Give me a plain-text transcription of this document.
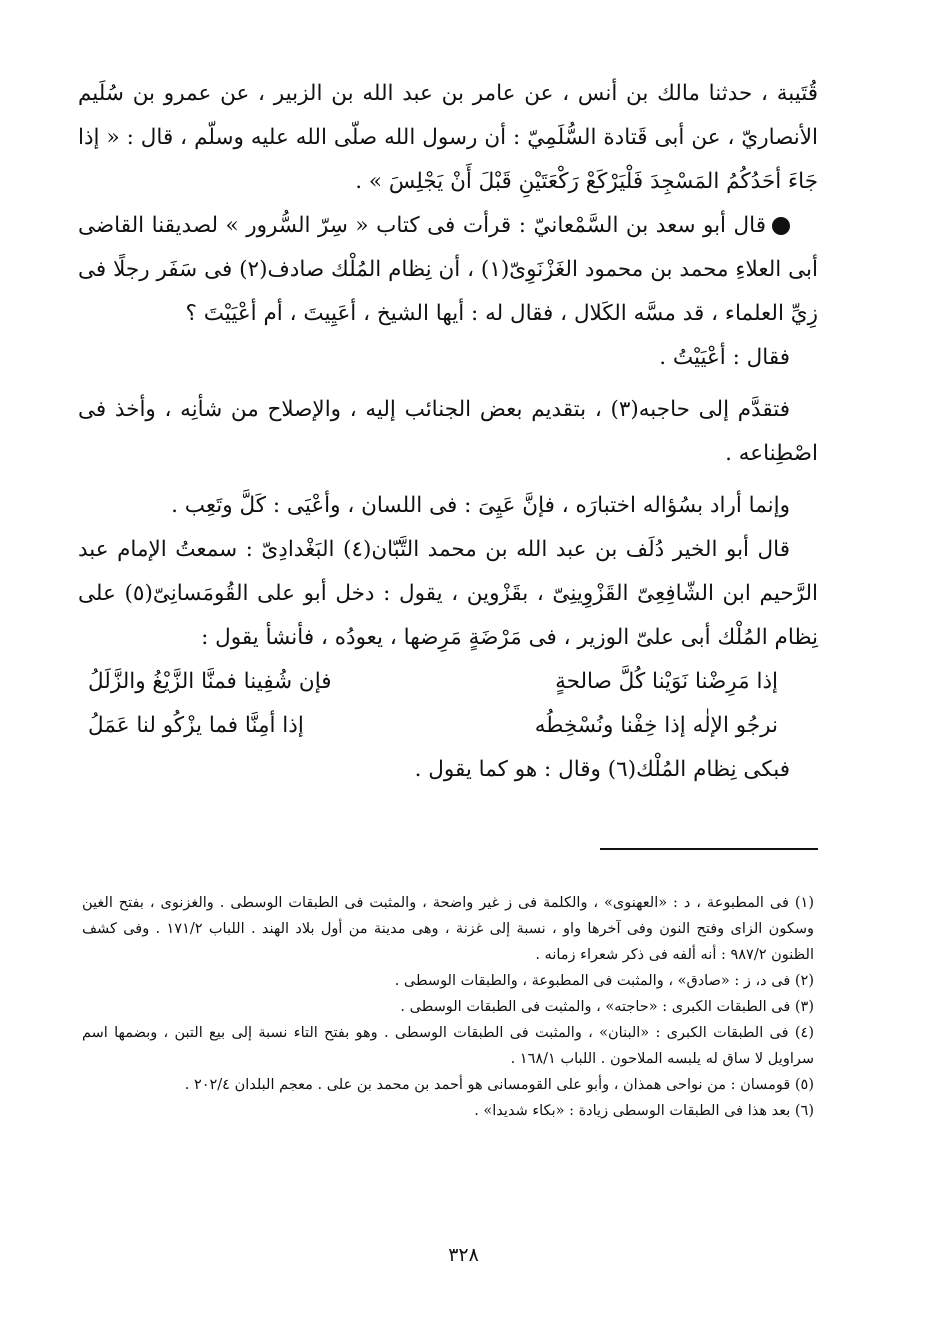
قُتَيبة ، حدثنا مالك بن أنس ، عن عامر بن عبد الله بن الزبير ، عن عمرو بن سُلَيم الأنصاريّ ، عن أبى قَتادة السُّلَمِيّ : أن رسول الله صلّى الله عليه وسلّم ، قال : « إذا جَاءَ أحَدُكُمُ المَسْجِدَ فَلْيَرْكَعْ رَكْعَتَيْنِ قَبْلَ أَنْ يَجْلِسَ » .

قال أبو سعد بن السَّمْعانيّ : قرأت فى كتاب « سِرّ السُّرور » لصديقنا القاضى أبى العلاءِ محمد بن محمود الغَزْنَوِىّ(١) ، أن نِظام المُلْك صادف(٢) فى سَفَر رجلًا فى زِيِّ العلماء ، قد مسَّه الكَلال ، فقال له : أيها الشيخ ، أعَيِيتَ ، أم أعْيَيْتَ ؟

فقال : أعْيَيْتُ .

فتقدَّم إلى حاجبه(٣) ، بتقديم بعض الجنائب إليه ، والإصلاح من شأنِه ، وأخذ فى اصْطِناعه .

وإنما أراد بسُؤاله اختبارَه ، فإنَّ عَيِىَ : فى اللسان ، وأعْيَى : كَلَّ وتَعِب .

قال أبو الخير دُلَف بن عبد الله بن محمد التَّبّان(٤) البَغْدادِىّ : سمعتُ الإمام عبد الرَّحيم ابن الشّافِعِىّ القَزْوِينِىّ ، بقَزْوين ، يقول : دخل أبو على القُومَسانِىّ(٥) على نِظام المُلْك أبى علىّ الوزير ، فى مَرْضَةٍ مَرِضها ، يعودُه ، فأنشأ يقول :

إذا مَرِضْنا نَوَيْنا كُلَّ صالحةٍ
فإن شُفِينا فمنَّا الزَّيْغُ والزَّلَلُ
نرجُو الإلٰه إذا خِفْنا ونُسْخِطُه
إذا أمِنَّا فما يزْكُو لنا عَمَلُ

فبكى نِظام المُلْك(٦) وقال : هو كما يقول .

(١) فى المطبوعة ، د : «العهنوى» ، والكلمة فى ز غير واضحة ، والمثبت فى الطبقات الوسطى . والغزنوى ، بفتح الغين وسكون الزاى وفتح النون وفى آخرها واو ، نسبة إلى غزنة ، وهى مدينة من أول بلاد الهند . اللباب ١٧١/٢ . وفى كشف الظنون ٩٨٧/٢ : أنه ألفه فى ذكر شعراء زمانه .

(٢) فى د، ز : «صادق» ، والمثبت فى المطبوعة ، والطبقات الوسطى .

(٣) فى الطبقات الكبرى : «حاجته» ، والمثبت فى الطبقات الوسطى .

(٤) فى الطبقات الكبرى : «البنان» ، والمثبت فى الطبقات الوسطى . وهو بفتح التاء نسبة إلى بيع التبن ، وبضمها اسم سراويل لا ساق له يلبسه الملاحون . اللباب ١٦٨/١ .

(٥) قومسان : من نواحى همذان ، وأبو على القومسانى هو أحمد بن محمد بن على . معجم البلدان ٢٠٢/٤ .

(٦) بعد هذا فى الطبقات الوسطى زيادة : «بكاء شديدا» .

٣٢٨
